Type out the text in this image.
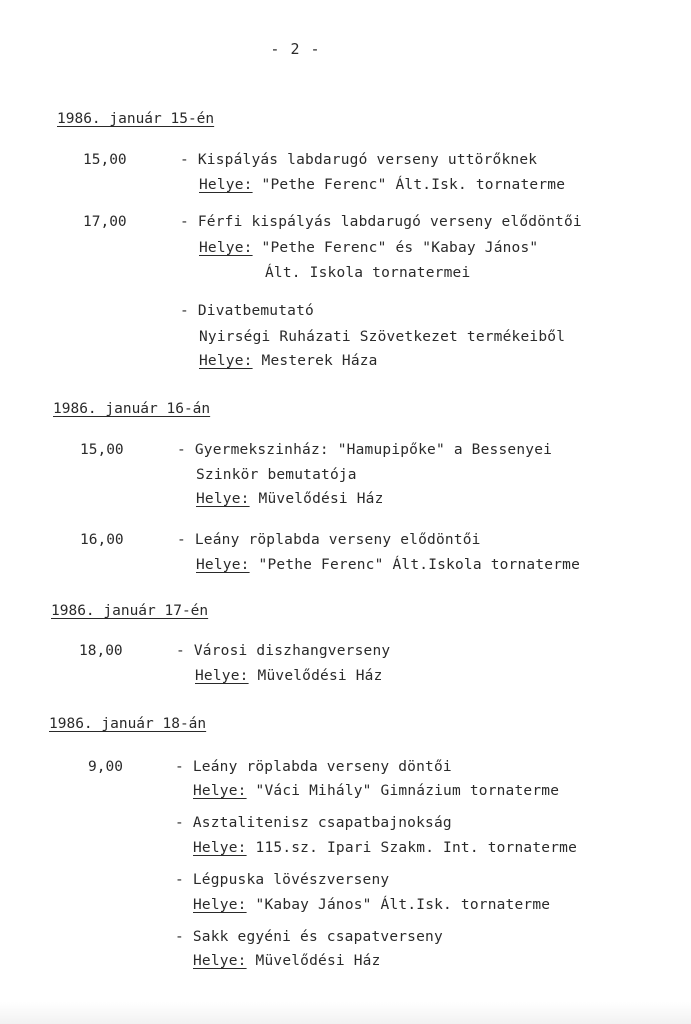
- 2 -
1986. január 15-én
15,00	- Kispályás labdarugó verseny uttörőknek
Helye: "Pethe Ferenc" Ált.Isk. tornaterme
17,00	- Férfi kispályás labdarugó verseny elődöntői
Helye: "Pethe Ferenc" és "Kabay János"
Ált. Iskola tornatermei
- Divatbemutató
Nyirségi Ruházati Szövetkezet termékeiből
Helye: Mesterek Háza
1986. január 16-án
15,00	- Gyermekszinház: "Hamupipőke" a Bessenyei
Szinkör bemutatója
Helye: Müvelődési Ház
16,00	- Leány röplabda verseny elődöntői
Helye: "Pethe Ferenc" Ált.Iskola tornaterme
1986. január 17-én
18,00	- Városi diszhangverseny
Helye: Müvelődési Ház
1986. január 18-án
9,00	- Leány röplabda verseny döntői
Helye: "Váci Mihály" Gimnázium tornaterme
- Asztalitenisz csapatbajnokság
Helye: 115.sz. Ipari Szakm. Int. tornaterme
- Légpuska lövészverseny
Helye: "Kabay János" Ált.Isk. tornaterme
- Sakk egyéni és csapatverseny
Helye: Müvelődési Ház
